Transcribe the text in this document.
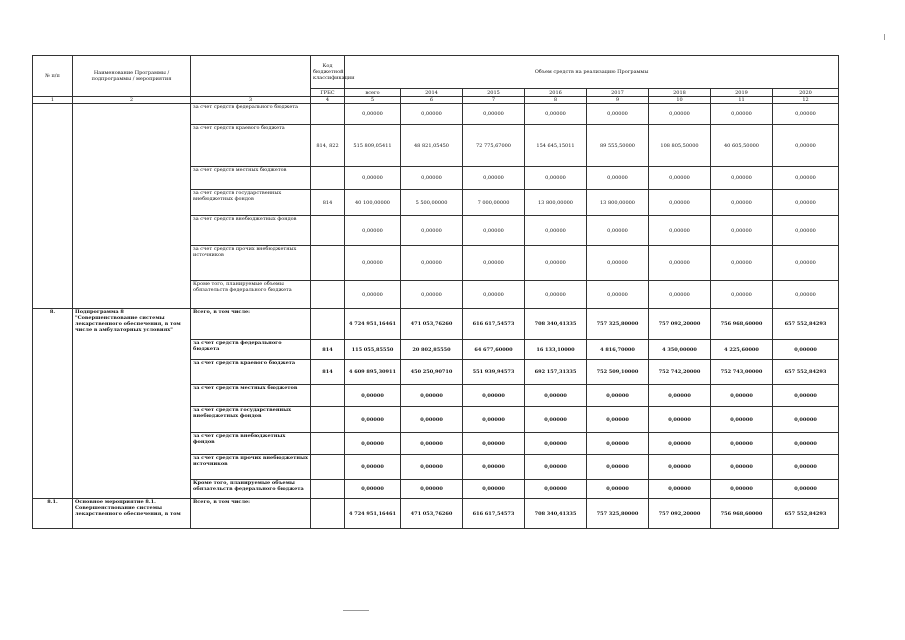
№ п/п	Наименование Программы / подпрограммы / мероприятия		Код бюджетной классификации	Объем средств на реализацию Программы							
			ГРБС	всего	2014	2015	2016	2017	2018	2019	2020
1	2	3	4	5	6	7	8	9	10	11	12
		за счет средств федерального бюджета		0,00000	0,00000	0,00000	0,00000	0,00000	0,00000	0,00000	0,00000
		за счет средств краевого бюджета	814, 822	515 809,05411	48 821,05450	72 775,67000	154 645,15011	89 555,50000	108 805,50000	40 605,50000	0,00000
		за счет средств местных бюджетов		0,00000	0,00000	0,00000	0,00000	0,00000	0,00000	0,00000	0,00000
		за счет средств государственных внебюджетных фондов	814	40 100,00000	5 500,00000	7 000,00000	13 800,00000	13 800,00000	0,00000	0,00000	0,00000
		за счет средств внебюджетных фондов		0,00000	0,00000	0,00000	0,00000	0,00000	0,00000	0,00000	0,00000
		за счет средств прочих внебюджетных источников		0,00000	0,00000	0,00000	0,00000	0,00000	0,00000	0,00000	0,00000
		Кроме того, планируемые объемы обязательств федерального бюджета		0,00000	0,00000	0,00000	0,00000	0,00000	0,00000	0,00000	0,00000
8.	Подпрограмма 8 "Совершенствование системы лекарственного обеспечения, в том числе в амбулаторных условиях"	Всего, в том числе:		4 724 951,16461	471 053,76260	616 617,54573	708 340,41335	757 325,80000	757 092,20000	756 968,60000	657 552,84293
		за счет средств федерального бюджета	814	115 055,85550	20 802,85550	64 677,60000	16 133,10000	4 816,70000	4 350,00000	4 225,60000	0,00000
		за счет средств краевого бюджета	814	4 609 895,30911	450 250,90710	551 939,94573	692 157,31335	752 509,10000	752 742,20000	752 743,00000	657 552,84293
		за счет средств местных бюджетов		0,00000	0,00000	0,00000	0,00000	0,00000	0,00000	0,00000	0,00000
		за счет средств государственных внебюджетных фондов		0,00000	0,00000	0,00000	0,00000	0,00000	0,00000	0,00000	0,00000
		за счет средств внебюджетных фондов		0,00000	0,00000	0,00000	0,00000	0,00000	0,00000	0,00000	0,00000
		за счет средств прочих внебюджетных источников		0,00000	0,00000	0,00000	0,00000	0,00000	0,00000	0,00000	0,00000
		Кроме того, планируемые объемы обязательств федерального бюджета		0,00000	0,00000	0,00000	0,00000	0,00000	0,00000	0,00000	0,00000
8.1.	Основное мероприятие 8.1. Совершенствование системы лекарственного обеспечения, в том	Всего, в том числе:		4 724 951,16461	471 053,76260	616 617,54573	708 340,41335	757 325,80000	757 092,20000	756 968,60000	657 552,84293
